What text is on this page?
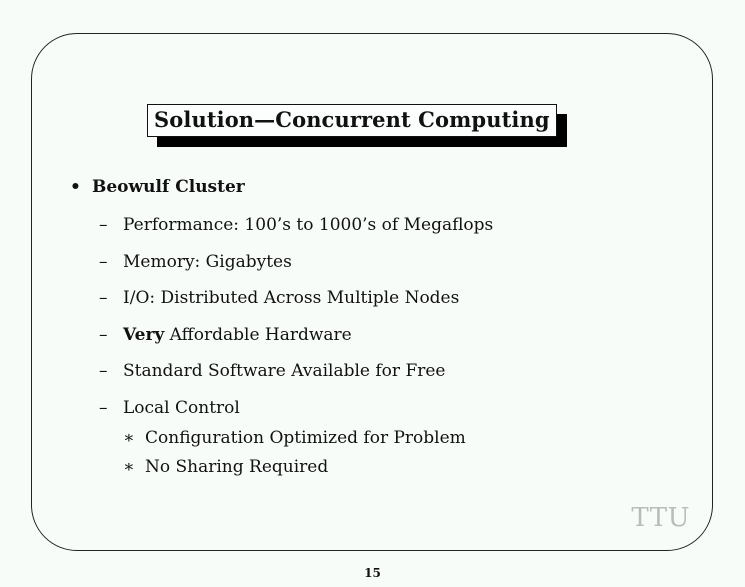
Solution—Concurrent Computing
• Beowulf Cluster
– Performance: 100’s to 1000’s of Megaflops
– Memory: Gigabytes
– I/O: Distributed Across Multiple Nodes
– Very Affordable Hardware
– Standard Software Available for Free
– Local Control
∗ Configuration Optimized for Problem
∗ No Sharing Required
TTU
15
